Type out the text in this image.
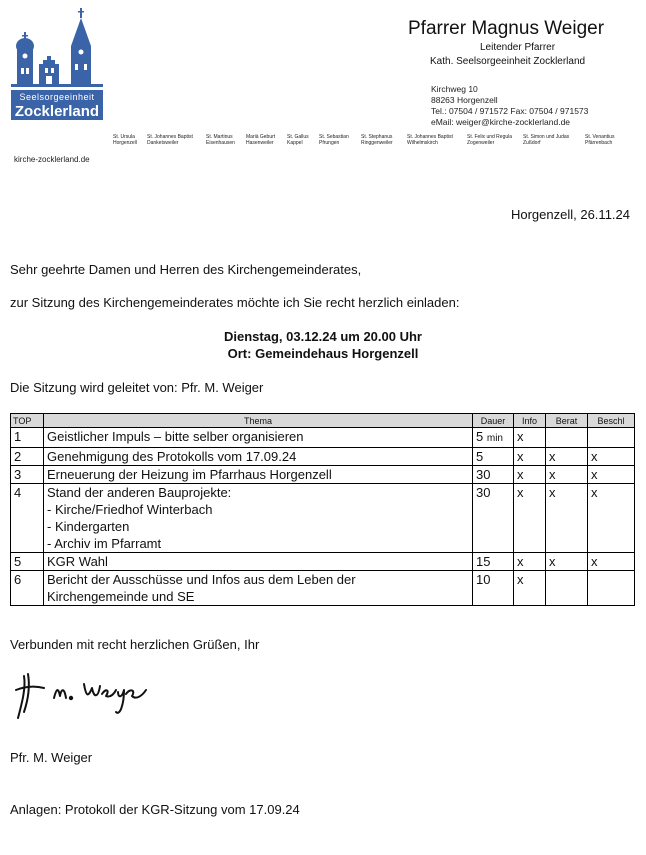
Seelsorgeeinheit
Zocklerland
kirche-zocklerland.de
Pfarrer Magnus Weiger
Leitender Pfarrer
Kath. Seelsorgeeinheit Zocklerland
Kirchweg 10
88263 Horgenzell
Tel.: 07504 / 971572 Fax: 07504 / 971573
eMail: weiger@kirche-zocklerland.de
St. Ursula
Horgenzell
St. Johannes Baptist
Danketsweiler
St. Martinus
Eisenhausen
Mariä Geburt
Hasenweiler
St. Gallus
Kappel
St. Sebastian
Pfrungen
St. Stephanus
Ringgenweiler
St. Johannes Baptist
Wilhelmskirch
St. Felix und Regula
Zogenweiler
St. Simon und Judas
Zußdorf
St. Venantius
Pfärrenbach
Horgenzell, 26.11.24
Sehr geehrte Damen und Herren des Kirchengemeinderates,
zur Sitzung des Kirchengemeinderates möchte ich Sie recht herzlich einladen:
Dienstag, 03.12.24 um 20.00 Uhr
Ort: Gemeindehaus Horgenzell
Die Sitzung wird geleitet von: Pfr. M. Weiger
TOP	Thema	Dauer	Info	Berat	Beschl
1	Geistlicher Impuls – bitte selber organisieren	5 min	x		
2	Genehmigung des Protokolls vom 17.09.24	5	x	x	x
3	Erneuerung der Heizung im Pfarrhaus Horgenzell	30	x	x	x
4	Stand der anderen Bauprojekte:
- Kirche/Friedhof Winterbach
- Kindergarten
- Archiv im Pfarramt	30	x	x	x
5	KGR Wahl	15	x	x	x
6	Bericht der Ausschüsse und Infos aus dem Leben der
Kirchengemeinde und SE	10	x		
Verbunden mit recht herzlichen Grüßen, Ihr
Pfr. M. Weiger
Anlagen: Protokoll der KGR-Sitzung vom 17.09.24
